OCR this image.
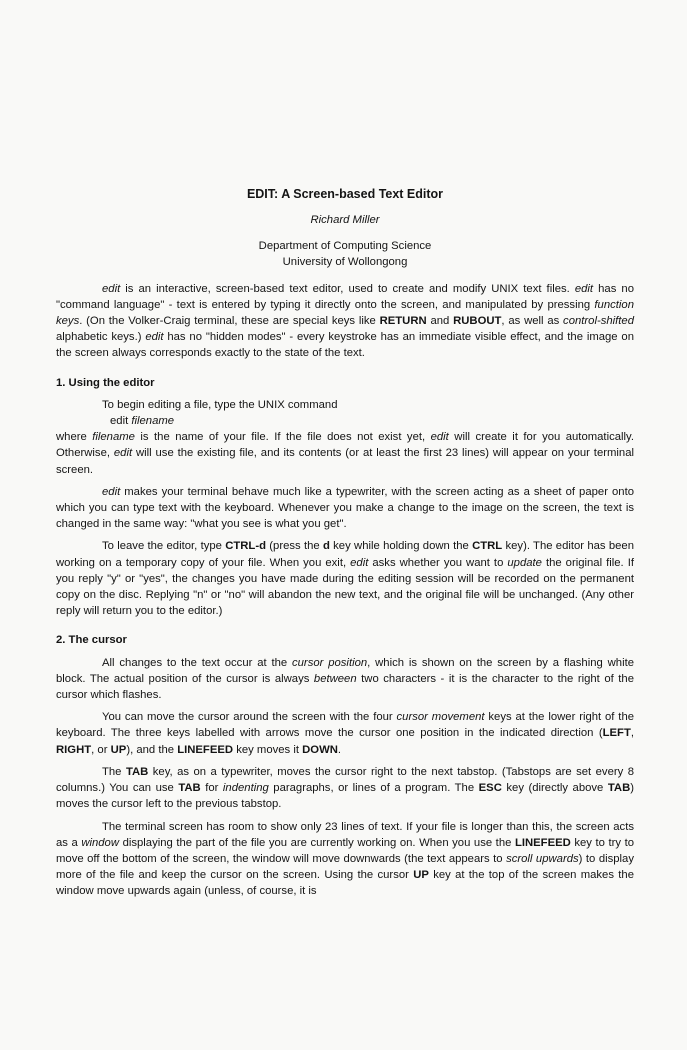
EDIT: A Screen-based Text Editor
Richard Miller
Department of Computing Science
University of Wollongong

edit is an interactive, screen-based text editor, used to create and modify UNIX text files. edit has no "command language" - text is entered by typing it directly onto the screen, and manipulated by pressing function keys. (On the Volker-Craig terminal, these are special keys like RETURN and RUBOUT, as well as control-shifted alphabetic keys.) edit has no "hidden modes" - every keystroke has an immediate visible effect, and the image on the screen always corresponds exactly to the state of the text.

1. Using the editor

To begin editing a file, type the UNIX command

edit filename

where filename is the name of your file. If the file does not exist yet, edit will create it for you automatically. Otherwise, edit will use the existing file, and its contents (or at least the first 23 lines) will appear on your terminal screen.

edit makes your terminal behave much like a typewriter, with the screen acting as a sheet of paper onto which you can type text with the keyboard. Whenever you make a change to the image on the screen, the text is changed in the same way: "what you see is what you get".

To leave the editor, type CTRL-d (press the d key while holding down the CTRL key). The editor has been working on a temporary copy of your file. When you exit, edit asks whether you want to update the original file. If you reply "y" or "yes", the changes you have made during the editing session will be recorded on the permanent copy on the disc. Replying "n" or "no" will abandon the new text, and the original file will be unchanged. (Any other reply will return you to the editor.)

2. The cursor

All changes to the text occur at the cursor position, which is shown on the screen by a flashing white block. The actual position of the cursor is always between two characters - it is the character to the right of the cursor which flashes.

You can move the cursor around the screen with the four cursor movement keys at the lower right of the keyboard. The three keys labelled with arrows move the cursor one position in the indicated direction (LEFT, RIGHT, or UP), and the LINEFEED key moves it DOWN.

The TAB key, as on a typewriter, moves the cursor right to the next tabstop. (Tabstops are set every 8 columns.) You can use TAB for indenting paragraphs, or lines of a program. The ESC key (directly above TAB) moves the cursor left to the previous tabstop.

The terminal screen has room to show only 23 lines of text. If your file is longer than this, the screen acts as a window displaying the part of the file you are currently working on. When you use the LINEFEED key to try to move off the bottom of the screen, the window will move downwards (the text appears to scroll upwards) to display more of the file and keep the cursor on the screen. Using the cursor UP key at the top of the screen makes the window move upwards again (unless, of course, it is
